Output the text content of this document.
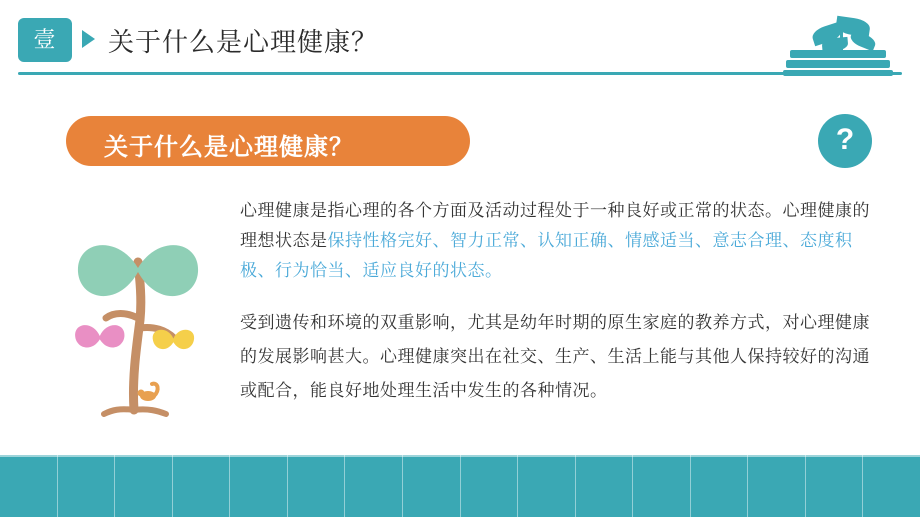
壹	关于什么是心理健康？
关于什么是心理健康？	?

心理健康是指心理的各个方面及活动过程处于一种良好或正常的状态。心理健康的理想状态是保持性格完好、智力正常、认知正确、情感适当、意志合理、态度积极、行为恰当、适应良好的状态。

受到遗传和环境的双重影响，尤其是幼年时期的原生家庭的教养方式，对心理健康的发展影响甚大。心理健康突出在社交、生产、生活上能与其他人保持较好的沟通或配合，能良好地处理生活中发生的各种情况。
